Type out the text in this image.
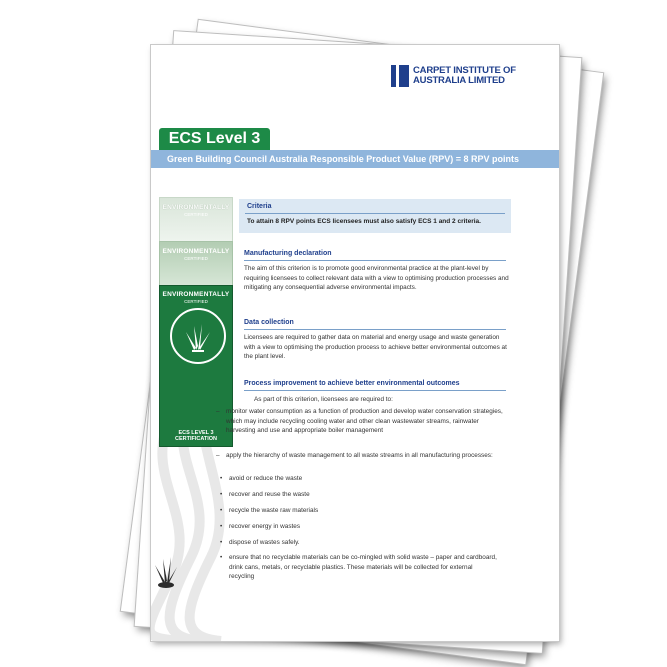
CARPET INSTITUTE OF
AUSTRALIA LIMITED
ECS Level 3
Green Building Council Australia Responsible Product Value (RPV) = 8 RPV points
ENVIRONMENTALLY
CERTIFIED
ENVIRONMENTALLY
CERTIFIED
ENVIRONMENTALLY
CERTIFIED
ECS LEVEL 3 CERTIFICATION
Criteria
To attain 8 RPV points ECS licensees must also satisfy ECS 1 and 2 criteria.
Manufacturing declaration
The aim of this criterion is to promote good environmental practice at the plant-level by requiring licensees to collect relevant data with a view to optimising production processes and mitigating any consequential adverse environmental impacts.
Data collection
Licensees are required to gather data on material and energy usage and waste generation with a view to optimising the production process to achieve better environmental outcomes at the plant level.
Process improvement to achieve better environmental outcomes
As part of this criterion, licensees are required to:
– monitor water consumption as a function of production and develop water conservation strategies, which may include recycling cooling water and other clean wastewater streams, rainwater harvesting and use and appropriate boiler management
– apply the hierarchy of waste management to all waste streams in all manufacturing processes:
• avoid or reduce the waste
• recover and reuse the waste
• recycle the waste raw materials
• recover energy in wastes
• dispose of wastes safely.
• ensure that no recyclable materials can be co-mingled with solid waste – paper and cardboard, drink cans, metals, or recyclable plastics. These materials will be collected for external recycling
